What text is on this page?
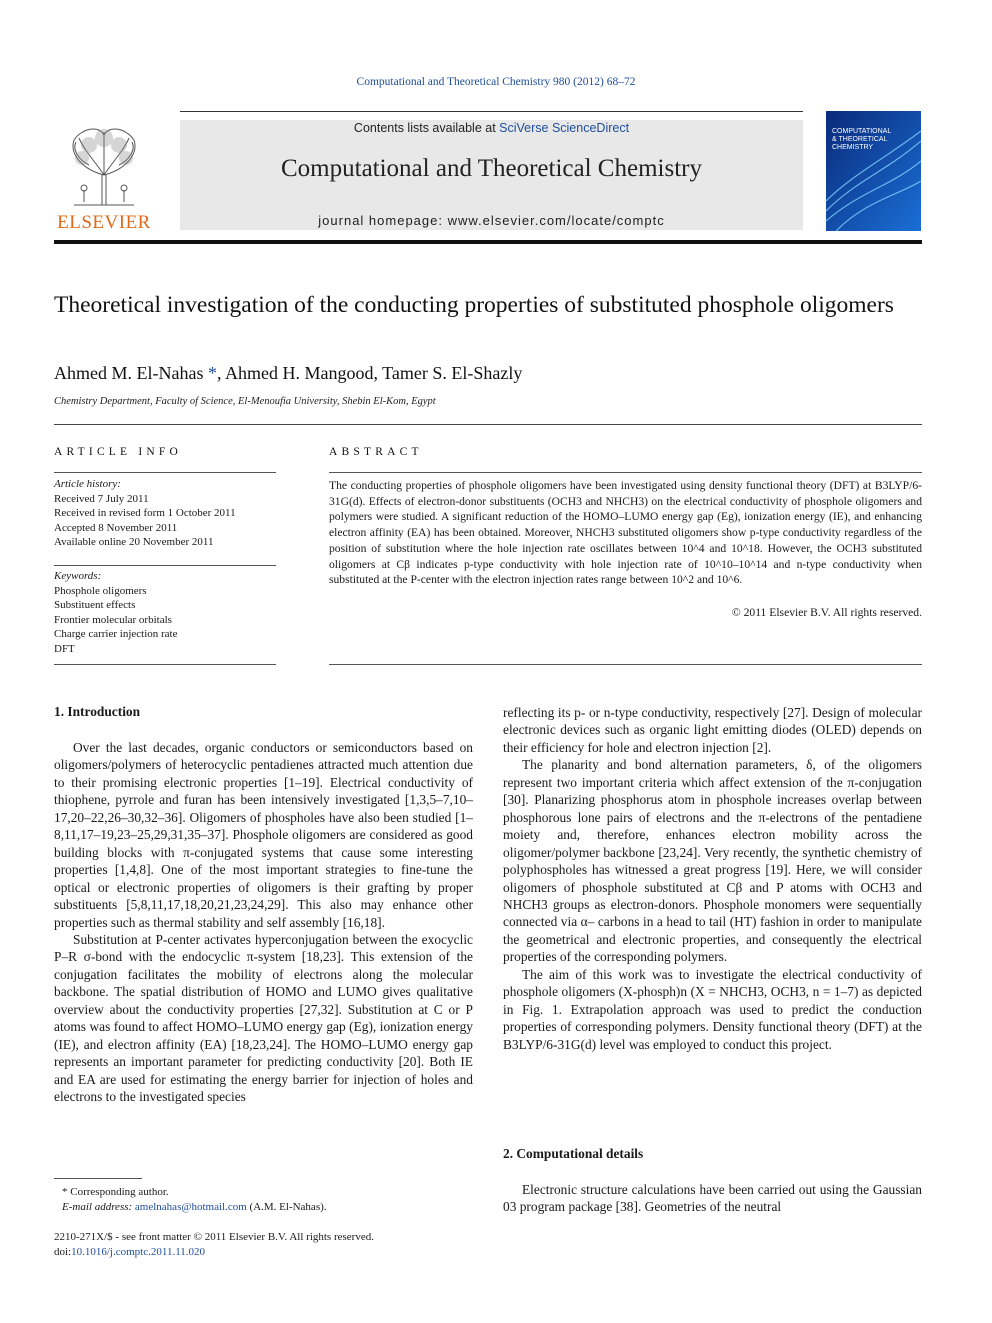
Computational and Theoretical Chemistry 980 (2012) 68–72
ELSEVIER
Contents lists available at SciVerse ScienceDirect
Computational and Theoretical Chemistry
journal homepage: www.elsevier.com/locate/comptc
COMPUTATIONAL
& THEORETICAL
CHEMISTRY
Theoretical investigation of the conducting properties of substituted phosphole oligomers
Ahmed M. El-Nahas *, Ahmed H. Mangood, Tamer S. El-Shazly
Chemistry Department, Faculty of Science, El-Menoufia University, Shebin El-Kom, Egypt
ARTICLE INFO	ABSTRACT
Article history:
Received 7 July 2011
Received in revised form 1 October 2011
Accepted 8 November 2011
Available online 20 November 2011
Keywords:
Phosphole oligomers
Substituent effects
Frontier molecular orbitals
Charge carrier injection rate
DFT
The conducting properties of phosphole oligomers have been investigated using density functional theory (DFT) at B3LYP/6-31G(d). Effects of electron-donor substituents (OCH3 and NHCH3) on the electrical conductivity of phosphole oligomers and polymers were studied. A significant reduction of the HOMO–LUMO energy gap (Eg), ionization energy (IE), and enhancing electron affinity (EA) has been obtained. Moreover, NHCH3 substituted oligomers show p-type conductivity regardless of the position of substitution where the hole injection rate oscillates between 10^4 and 10^18. However, the OCH3 substituted oligomers at Cβ indicates p-type conductivity with hole injection rate of 10^10–10^14 and n-type conductivity when substituted at the P-center with the electron injection rates range between 10^2 and 10^6.
© 2011 Elsevier B.V. All rights reserved.
1. Introduction

Over the last decades, organic conductors or semiconductors based on oligomers/polymers of heterocyclic pentadienes attracted much attention due to their promising electronic properties [1–19]. Electrical conductivity of thiophene, pyrrole and furan has been intensively investigated [1,3,5–7,10–17,20–22,26–30,32–36]. Oligomers of phospholes have also been studied [1–8,11,17–19,23–25,29,31,35–37]. Phosphole oligomers are considered as good building blocks with π-conjugated systems that cause some interesting properties [1,4,8]. One of the most important strategies to fine-tune the optical or electronic properties of oligomers is their grafting by proper substituents [5,8,11,17,18,20,21,23,24,29]. This also may enhance other properties such as thermal stability and self assembly [16,18].

Substitution at P-center activates hyperconjugation between the exocyclic P–R σ-bond with the endocyclic π-system [18,23]. This extension of the conjugation facilitates the mobility of electrons along the molecular backbone. The spatial distribution of HOMO and LUMO gives qualitative overview about the conductivity properties [27,32]. Substitution at C or P atoms was found to affect HOMO–LUMO energy gap (Eg), ionization energy (IE), and electron affinity (EA) [18,23,24]. The HOMO–LUMO energy gap represents an important parameter for predicting conductivity [20]. Both IE and EA are used for estimating the energy barrier for injection of holes and electrons to the investigated species

reflecting its p- or n-type conductivity, respectively [27]. Design of molecular electronic devices such as organic light emitting diodes (OLED) depends on their efficiency for hole and electron injection [2].

The planarity and bond alternation parameters, δ, of the oligomers represent two important criteria which affect extension of the π-conjugation [30]. Planarizing phosphorus atom in phosphole increases overlap between phosphorous lone pairs of electrons and the π-electrons of the pentadiene moiety and, therefore, enhances electron mobility across the oligomer/polymer backbone [23,24]. Very recently, the synthetic chemistry of polyphospholes has witnessed a great progress [19]. Here, we will consider oligomers of phosphole substituted at Cβ and P atoms with OCH3 and NHCH3 groups as electron-donors. Phosphole monomers were sequentially connected via α– carbons in a head to tail (HT) fashion in order to manipulate the geometrical and electronic properties, and consequently the electrical properties of the corresponding polymers.

The aim of this work was to investigate the electrical conductivity of phosphole oligomers (X-phosph)n (X = NHCH3, OCH3, n = 1–7) as depicted in Fig. 1. Extrapolation approach was used to predict the conduction properties of corresponding polymers. Density functional theory (DFT) at the B3LYP/6-31G(d) level was employed to conduct this project.

2. Computational details

Electronic structure calculations have been carried out using the Gaussian 03 program package [38]. Geometries of the neutral

* Corresponding author.
E-mail address: amelnahas@hotmail.com (A.M. El-Nahas).
2210-271X/$ - see front matter © 2011 Elsevier B.V. All rights reserved.
doi:10.1016/j.comptc.2011.11.020
